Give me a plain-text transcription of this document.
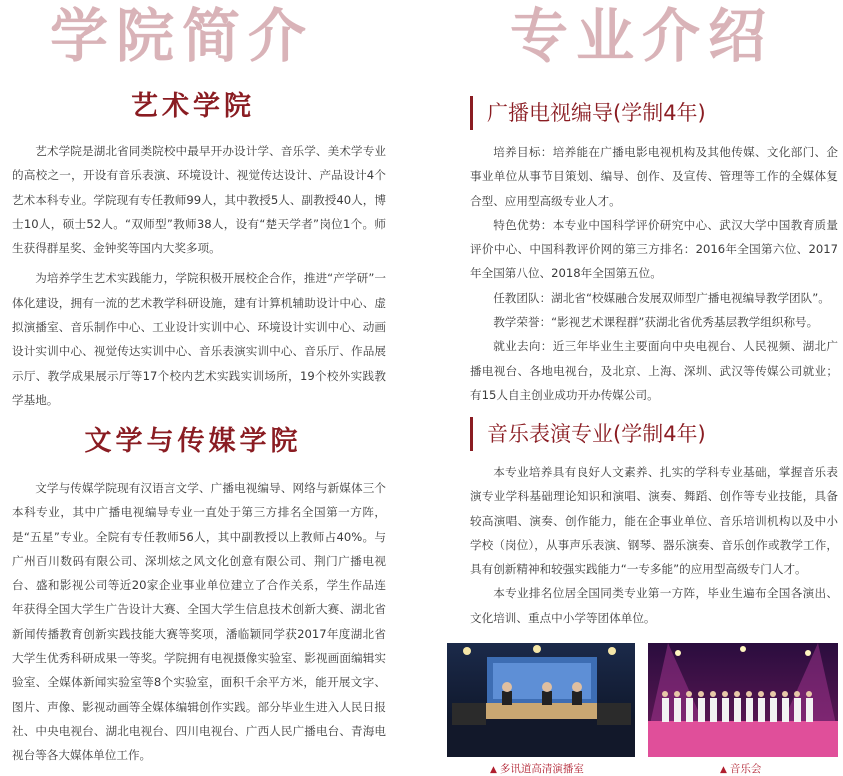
学院简介	专业介绍
艺术学院

艺术学院是湖北省同类院校中最早开办设计学、音乐学、美术学专业的高校之一，开设有音乐表演、环境设计、视觉传达设计、产品设计4个艺术本科专业。学院现有专任教师99人，其中教授5人、副教授40人，博士10人，硕士52人。“双师型”教师38人，设有“楚天学者”岗位1个。师生获得群星奖、金钟奖等国内大奖多项。

为培养学生艺术实践能力，学院积极开展校企合作，推进“产学研”一体化建设，拥有一流的艺术教学科研设施，建有计算机辅助设计中心、虚拟演播室、音乐制作中心、工业设计实训中心、环境设计实训中心、动画设计实训中心、视觉传达实训中心、音乐表演实训中心、音乐厅、作品展示厅、教学成果展示厅等17个校内艺术实践实训场所，19个校外实践教学基地。

文学与传媒学院

文学与传媒学院现有汉语言文学、广播电视编导、网络与新媒体三个本科专业，其中广播电视编导专业一直处于第三方排名全国第一方阵，是“五星”专业。全院有专任教师56人，其中副教授以上教师占40%。与广州百川数码有限公司、深圳炫之风文化创意有限公司、荆门广播电视台、盛和影视公司等近20家企业事业单位建立了合作关系，学生作品连年获得全国大学生广告设计大赛、全国大学生信息技术创新大赛、湖北省新闻传播教育创新实践技能大赛等奖项，潘临颖同学获2017年度湖北省大学生优秀科研成果一等奖。学院拥有电视摄像实验室、影视画面编辑实验室、全媒体新闻实验室等8个实验室，面积千余平方米，能开展文字、图片、声像、影视动画等全媒体编辑创作实践。部分毕业生进入人民日报社、中央电视台、湖北电视台、四川电视台、广西人民广播电台、青海电视台等各大媒体单位工作。

广播电视编导(学制4年)

培养目标：培养能在广播电影电视机构及其他传媒、文化部门、企事业单位从事节目策划、编导、创作、及宣传、管理等工作的全媒体复合型、应用型高级专业人才。

特色优势：本专业中国科学评价研究中心、武汉大学中国教育质量评价中心、中国科教评价网的第三方排名：2016年全国第六位、2017年全国第八位、2018年全国第五位。

任教团队：湖北省“校媒融合发展双师型广播电视编导教学团队”。

教学荣誉：“影视艺术课程群”获湖北省优秀基层教学组织称号。

就业去向：近三年毕业生主要面向中央电视台、人民视频、湖北广播电视台、各地电视台，及北京、上海、深圳、武汉等传媒公司就业；有15人自主创业成功开办传媒公司。

音乐表演专业(学制4年)

本专业培养具有良好人文素养、扎实的学科专业基础，掌握音乐表演专业学科基础理论知识和演唱、演奏、舞蹈、创作等专业技能，具备较高演唱、演奏、创作能力，能在企事业单位、音乐培训机构以及中小学校（岗位），从事声乐表演、钢琴、器乐演奏、音乐创作或教学工作，具有创新精神和较强实践能力“一专多能”的应用型高级专门人才。

本专业排名位居全国同类专业第一方阵，毕业生遍布全国各演出、文化培训、重点中小学等团体单位。

▲ 多讯道高清演播室	▲ 音乐会
